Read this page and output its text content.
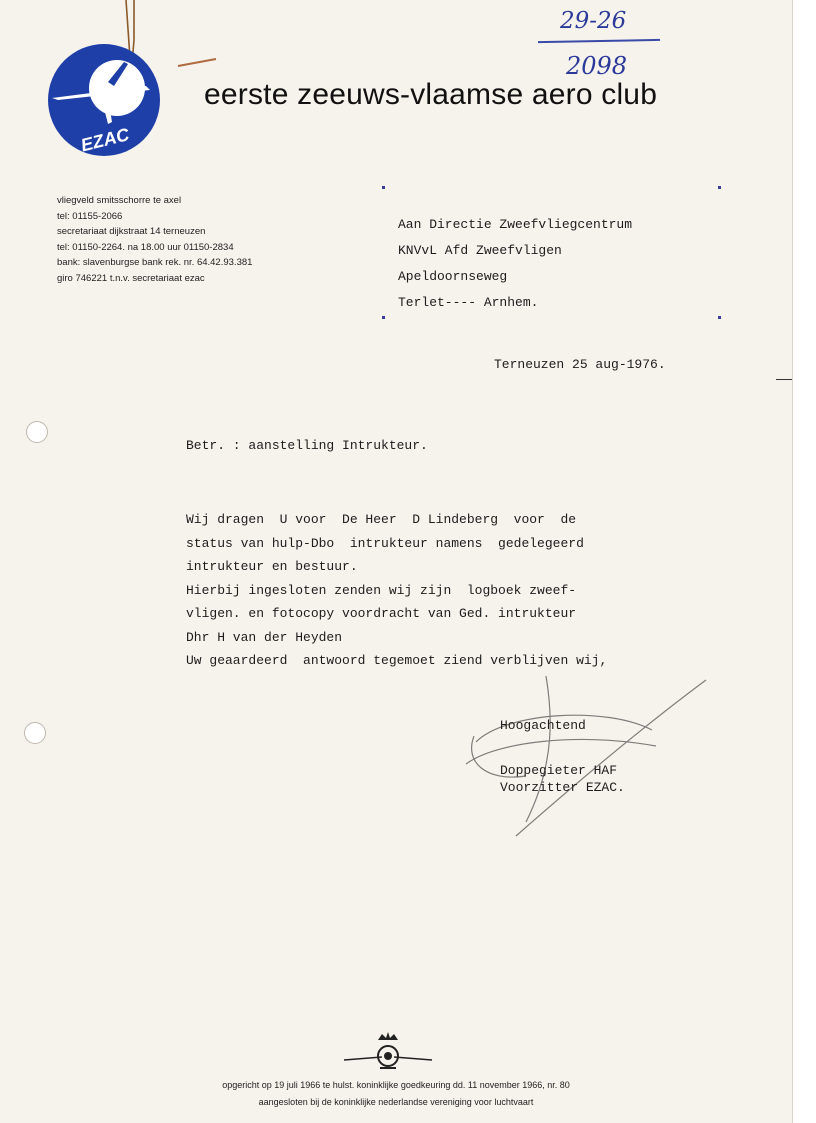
EZAC
eerste zeeuws-vlaamse aero club
29-26
2098
vliegveld smitsschorre te axel
tel: 01155-2066
secretariaat dijkstraat 14 terneuzen
tel: 01150-2264. na 18.00 uur 01150-2834
bank: slavenburgse bank rek. nr. 64.42.93.381
giro 746221 t.n.v. secretariaat ezac
Aan Directie Zweefvliegcentrum
KNVvL Afd Zweefvligen
Apeldoornseweg
Terlet---- Arnhem.
Terneuzen 25 aug-1976.
Betr. : aanstelling Intrukteur.
Wij dragen  U voor  De Heer  D Lindeberg  voor  de
status van hulp-Dbo  intrukteur namens  gedelegeerd
intrukteur en bestuur.
Hierbij ingesloten zenden wij zijn  logboek zweef-
vligen. en fotocopy voordracht van Ged. intrukteur
Dhr H van der Heyden
Uw geaardeerd  antwoord tegemoet ziend verblijven wij,
Hoogachtend
Doppegieter HAF
Voorzitter EZAC.
opgericht op 19 juli 1966 te hulst. koninklijke goedkeuring dd. 11 november 1966, nr. 80
aangesloten bij de koninklijke nederlandse vereniging voor luchtvaart
